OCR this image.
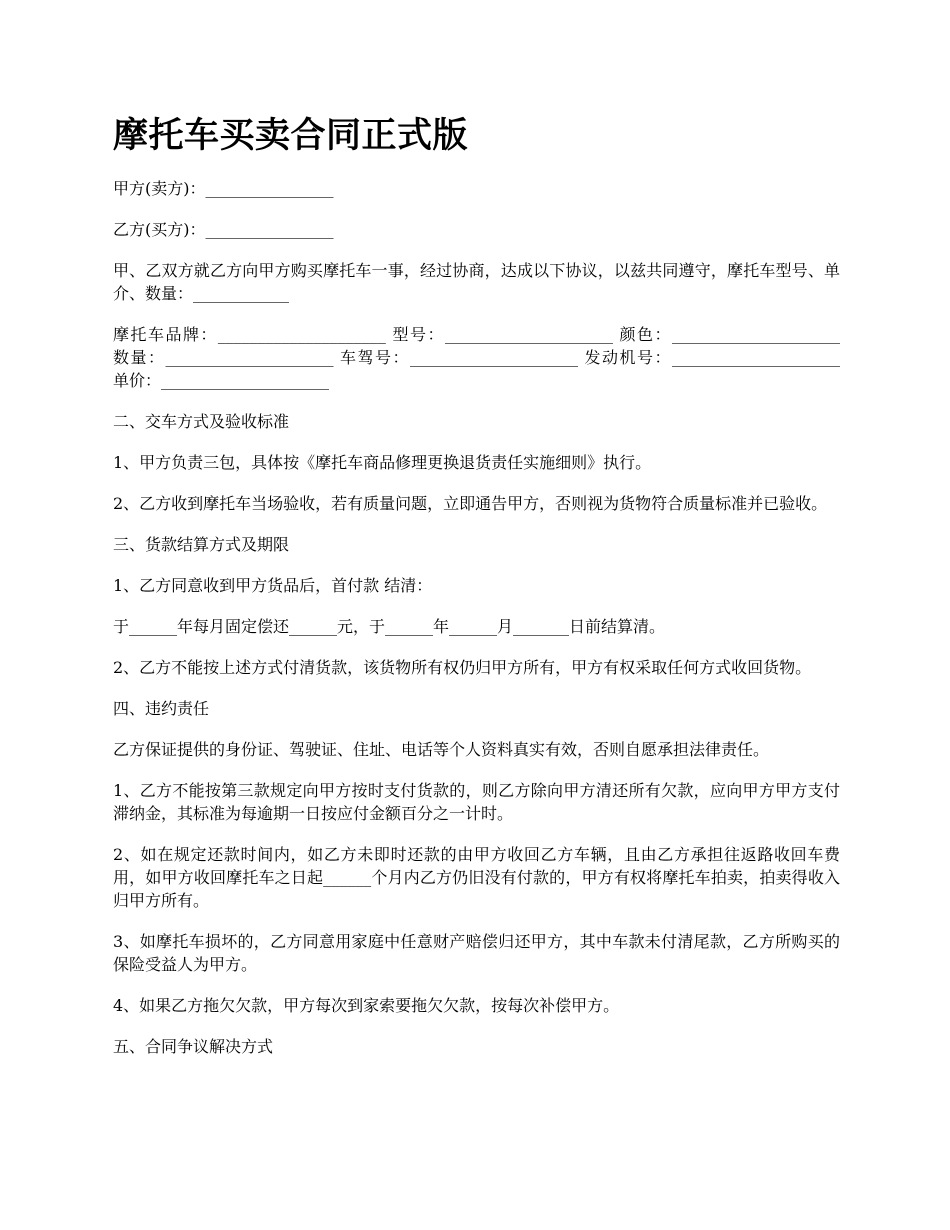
摩托车买卖合同正式版

甲方(卖方)：________________

乙方(买方)：________________

甲、乙双方就乙方向甲方购买摩托车一事，经过协商，达成以下协议，以兹共同遵守，摩托车型号、单介、数量：____________

摩托车品牌：_____________________ 型号：_____________________ 颜色：_____________________ 数量：_____________________ 车驾号：_____________________ 发动机号：_____________________ 单价：_____________________

二、交车方式及验收标准

1、甲方负责三包，具体按《摩托车商品修理更换退货责任实施细则》执行。

2、乙方收到摩托车当场验收，若有质量问题，立即通告甲方，否则视为货物符合质量标准并已验收。

三、货款结算方式及期限

1、乙方同意收到甲方货品后，首付款 结清：

于______年每月固定偿还______元，于______年______月_______日前结算清。

2、乙方不能按上述方式付清货款，该货物所有权仍归甲方所有，甲方有权采取任何方式收回货物。

四、违约责任

乙方保证提供的身份证、驾驶证、住址、电话等个人资料真实有效，否则自愿承担法律责任。

1、乙方不能按第三款规定向甲方按时支付货款的，则乙方除向甲方清还所有欠款，应向甲方甲方支付滞纳金，其标准为每逾期一日按应付金额百分之一计时。

2、如在规定还款时间内，如乙方未即时还款的由甲方收回乙方车辆，且由乙方承担往返路收回车费用，如甲方收回摩托车之日起______个月内乙方仍旧没有付款的，甲方有权将摩托车拍卖，拍卖得收入归甲方所有。

3、如摩托车损坏的，乙方同意用家庭中任意财产赔偿归还甲方，其中车款未付清尾款，乙方所购买的保险受益人为甲方。

4、如果乙方拖欠欠款，甲方每次到家索要拖欠欠款，按每次补偿甲方。

五、合同争议解决方式
